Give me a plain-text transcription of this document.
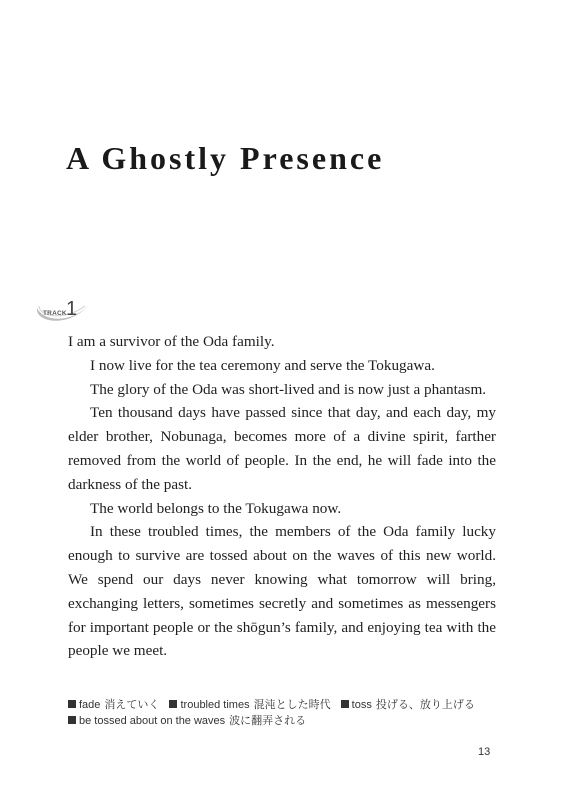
A Ghostly Presence
TRACK 1

I am a survivor of the Oda family.

I now live for the tea ceremony and serve the Tokugawa.

The glory of the Oda was short-lived and is now just a phantasm.

Ten thousand days have passed since that day, and each day, my elder brother, Nobunaga, becomes more of a divine spirit, farther removed from the world of people. In the end, he will fade into the darkness of the past.

The world belongs to the Tokugawa now.

In these troubled times, the members of the Oda family lucky enough to survive are tossed about on the waves of this new world. We spend our days never knowing what tomorrow will bring, exchanging letters, sometimes secretly and sometimes as messengers for important people or the shōgun’s family, and enjoying tea with the people we meet.

fade 消えていく troubled times 混沌とした時代 toss 投げる、放り上げる
be tossed about on the waves 波に翻弄される
13
